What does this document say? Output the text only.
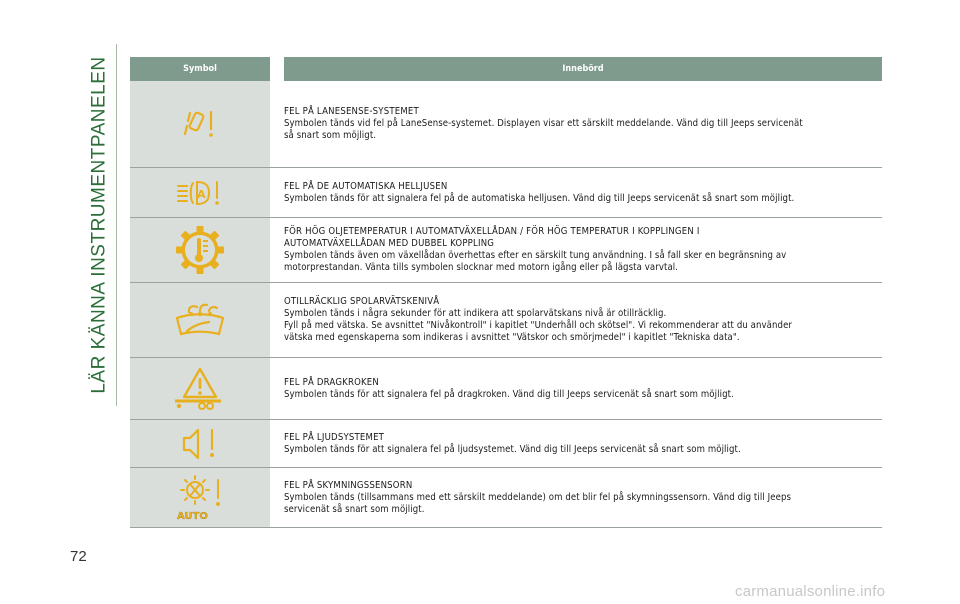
LÄR KÄNNA INSTRUMENTPANELEN	Symbol	Innebörd
FEL PÅ LANESENSE-SYSTEMET
Symbolen tänds vid fel på LaneSense-systemet. Displayen visar ett särskilt meddelande. Vänd dig till Jeeps servicenät
så snart som möjligt.
A
FEL PÅ DE AUTOMATISKA HELLJUSEN
Symbolen tänds för att signalera fel på de automatiska helljusen. Vänd dig till Jeeps servicenät så snart som möjligt.
FÖR HÖG OLJETEMPERATUR I AUTOMATVÄXELLÅDAN / FÖR HÖG TEMPERATUR I KOPPLINGEN I
AUTOMATVÄXELLÅDAN MED DUBBEL KOPPLING
Symbolen tänds även om växellådan överhettas efter en särskilt tung användning. I så fall sker en begränsning av
motorprestandan. Vänta tills symbolen slocknar med motorn igång eller på lägsta varvtal.
OTILLRÄCKLIG SPOLARVÄTSKENIVÅ
Symbolen tänds i några sekunder för att indikera att spolarvätskans nivå är otillräcklig.
Fyll på med vätska. Se avsnittet "Nivåkontroll" i kapitlet "Underhåll och skötsel". Vi rekommenderar att du använder
vätska med egenskaperna som indikeras i avsnittet "Vätskor och smörjmedel" i kapitlet "Tekniska data".
FEL PÅ DRAGKROKEN
Symbolen tänds för att signalera fel på dragkroken. Vänd dig till Jeeps servicenät så snart som möjligt.
FEL PÅ LJUDSYSTEMET
Symbolen tänds för att signalera fel på ljudsystemet. Vänd dig till Jeeps servicenät så snart som möjligt.
AUTO
FEL PÅ SKYMNINGSSENSORN
Symbolen tänds (tillsammans med ett särskilt meddelande) om det blir fel på skymningssensorn. Vänd dig till Jeeps
servicenät så snart som möjligt.
72
carmanualsonline.info
